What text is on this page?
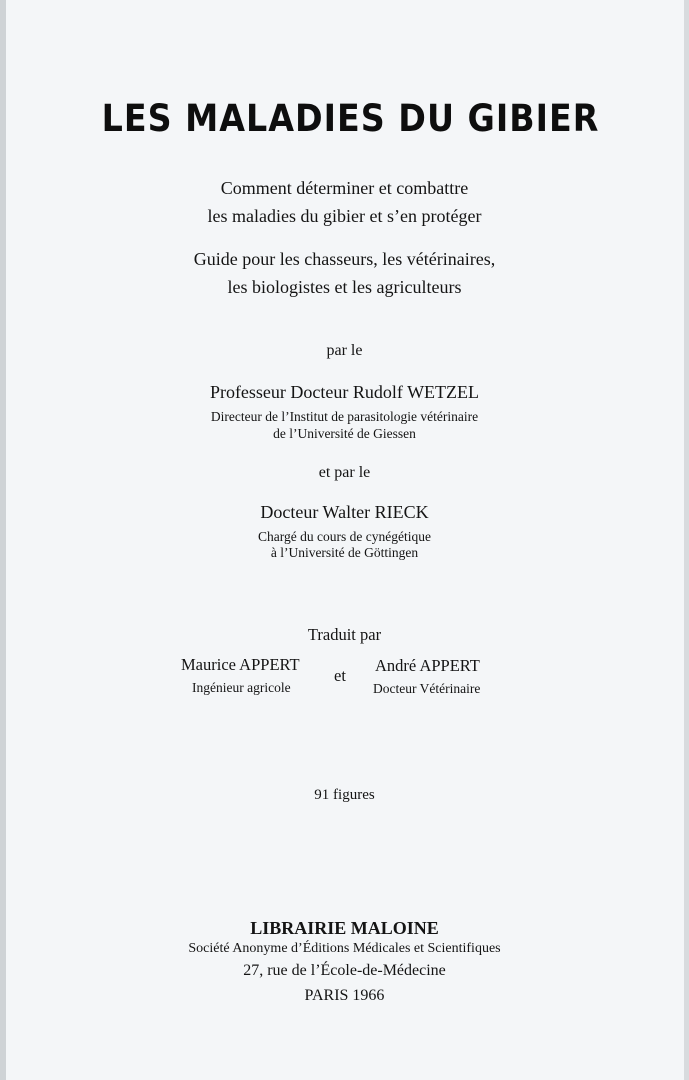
LES MALADIES DU GIBIER
Comment déterminer et combattre
les maladies du gibier et s’en protéger
Guide pour les chasseurs, les vétérinaires,
les biologistes et les agriculteurs
par le
Professeur Docteur Rudolf WETZEL
Directeur de l’Institut de parasitologie vétérinaire
de l’Université de Giessen
et par le
Docteur Walter RIECK
Chargé du cours de cynégétique
à l’Université de Göttingen
Traduit par
Maurice APPERT
Ingénieur agricole
et
André APPERT
Docteur Vétérinaire
91 figures
LIBRAIRIE MALOINE
Société Anonyme d’Éditions Médicales et Scientifiques
27, rue de l’École-de-Médecine
PARIS 1966
